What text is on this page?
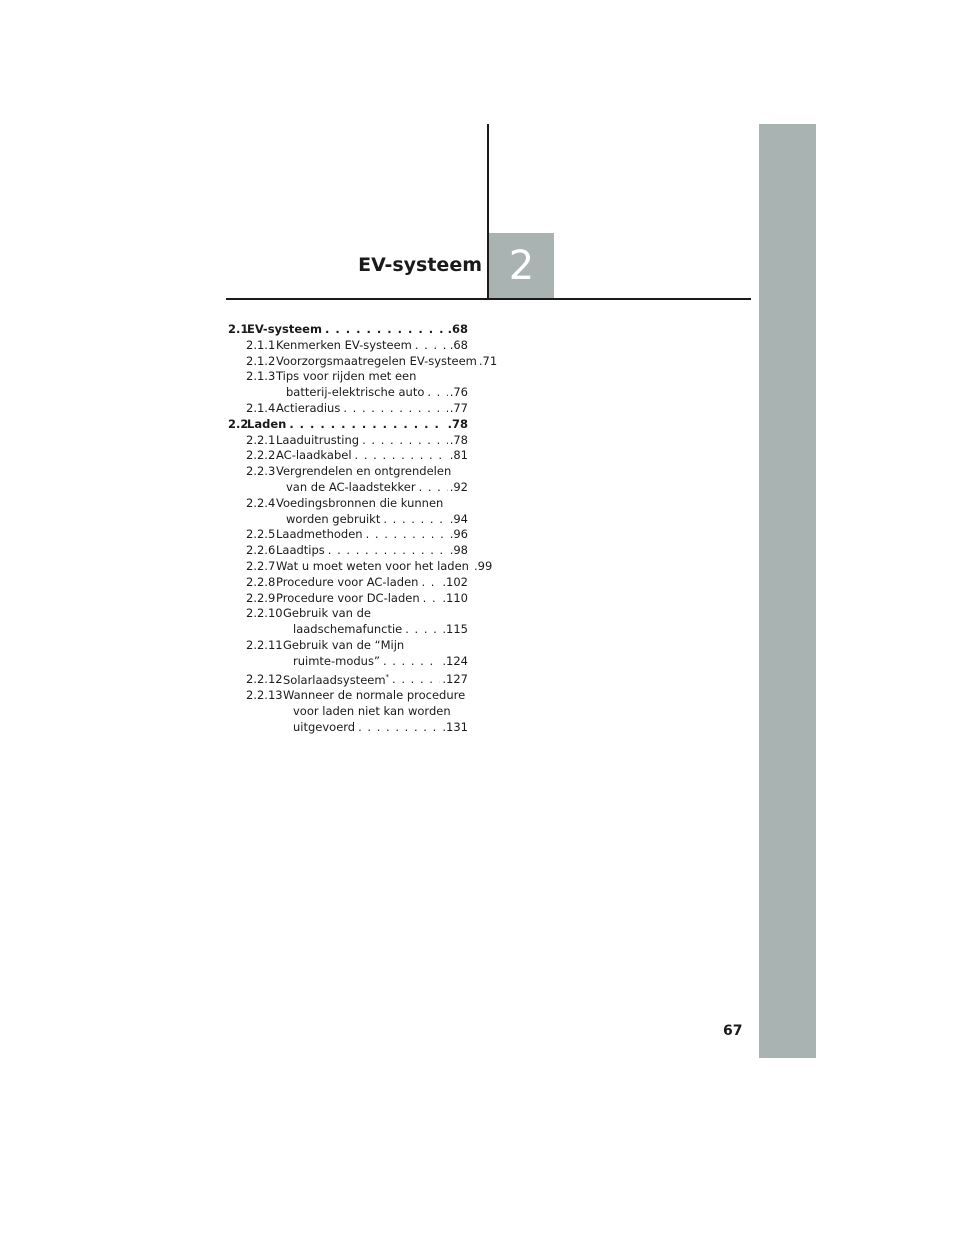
2
EV-systeem
2.1EV-systeem . . .	.68
2.1.1Kenmerken EV-systeem . . .	.68
2.1.2Voorzorgsmaatregelen EV-systeem .71
2.1.3Tips voor rijden met een
batterij-elektrische auto . . . .76
2.1.4Actieradius . . .	.77
2.2Laden . . .	.78
2.2.1Laaduitrusting . . .	.78
2.2.2AC-laadkabel . . .	.81
2.2.3Vergrendelen en ontgrendelen
van de AC-laadstekker . . .	.92
2.2.4Voedingsbronnen die kunnen
worden gebruikt . . .	.94
2.2.5Laadmethoden . . .	.96
2.2.6Laadtips . . .	.98
2.2.7Wat u moet weten voor het laden . . . .99
2.2.8Procedure voor AC-laden . . . .102
2.2.9Procedure voor DC-laden . . . .110
2.2.10Gebruik van de
laadschemafunctie . . .	.115
2.2.11Gebruik van de “Mijn
ruimte-modus” . . .	.124
2.2.12Solarlaadsysteem* . . .	.127
2.2.13Wanneer de normale procedure
voor laden niet kan worden
uitgevoerd . . .	.131
67
